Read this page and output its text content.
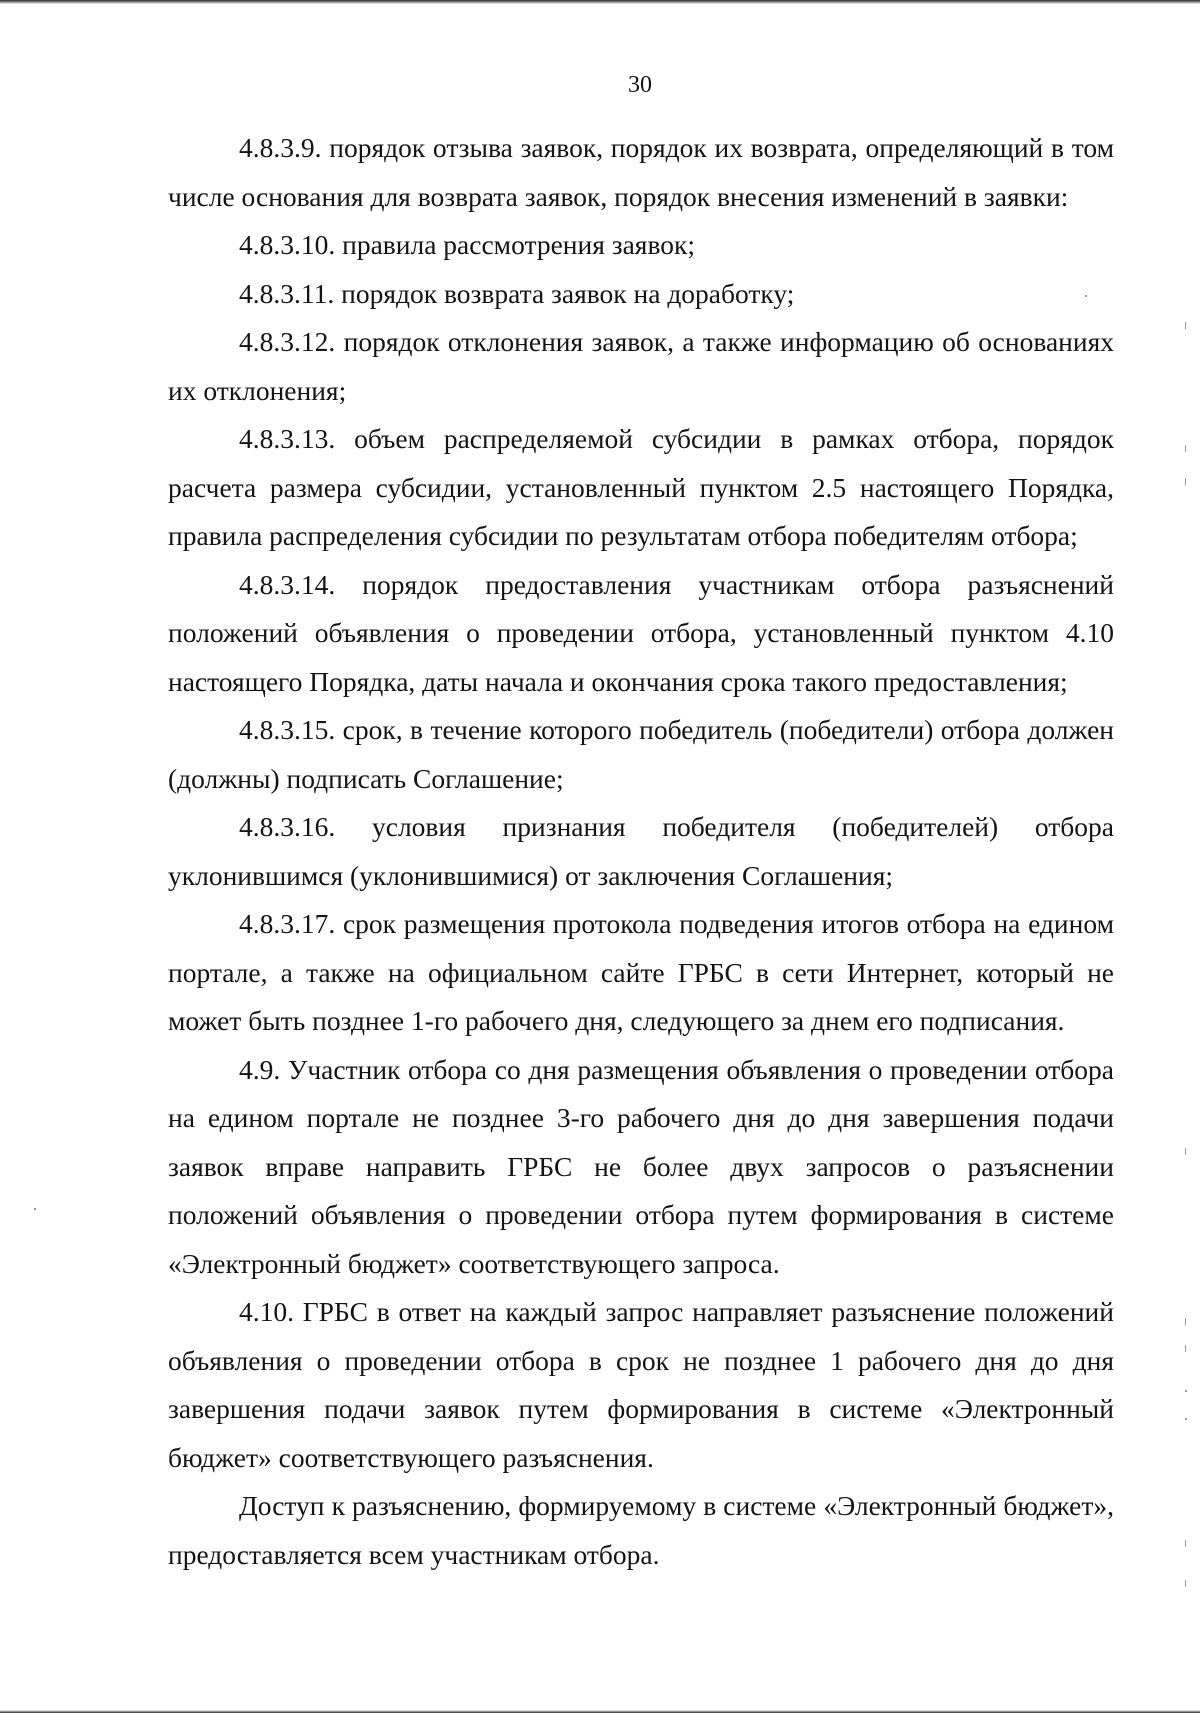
30

4.8.3.9. порядок отзыва заявок, порядок их возврата, определяющий в том числе основания для возврата заявок, порядок внесения изменений в заявки:

4.8.3.10. правила рассмотрения заявок;

4.8.3.11. порядок возврата заявок на доработку;

4.8.3.12. порядок отклонения заявок, а также информацию об основаниях их отклонения;

4.8.3.13. объем распределяемой субсидии в рамках отбора, порядок расчета размера субсидии, установленный пунктом 2.5 настоящего Порядка, правила распределения субсидии по результатам отбора победителям отбора;

4.8.3.14. порядок предоставления участникам отбора разъяснений положений объявления о проведении отбора, установленный пунктом 4.10 настоящего Порядка, даты начала и окончания срока такого предоставления;

4.8.3.15. срок, в течение которого победитель (победители) отбора должен (должны) подписать Соглашение;

4.8.3.16. условия признания победителя (победителей) отбора уклонившимся (уклонившимися) от заключения Соглашения;

4.8.3.17. срок размещения протокола подведения итогов отбора на едином портале, а также на официальном сайте ГРБС в сети Интернет, который не может быть позднее 1-го рабочего дня, следующего за днем его подписания.

4.9. Участник отбора со дня размещения объявления о проведении отбора на едином портале не позднее 3-го рабочего дня до дня завершения подачи заявок вправе направить ГРБС не более двух запросов о разъяснении положений объявления о проведении отбора путем формирования в системе «Электронный бюджет» соответствующего запроса.

4.10. ГРБС в ответ на каждый запрос направляет разъяснение положений объявления о проведении отбора в срок не позднее 1 рабочего дня до дня завершения подачи заявок путем формирования в системе «Электронный бюджет» соответствующего разъяснения.

Доступ к разъяснению, формируемому в системе «Электронный бюджет», предоставляется всем участникам отбора.
